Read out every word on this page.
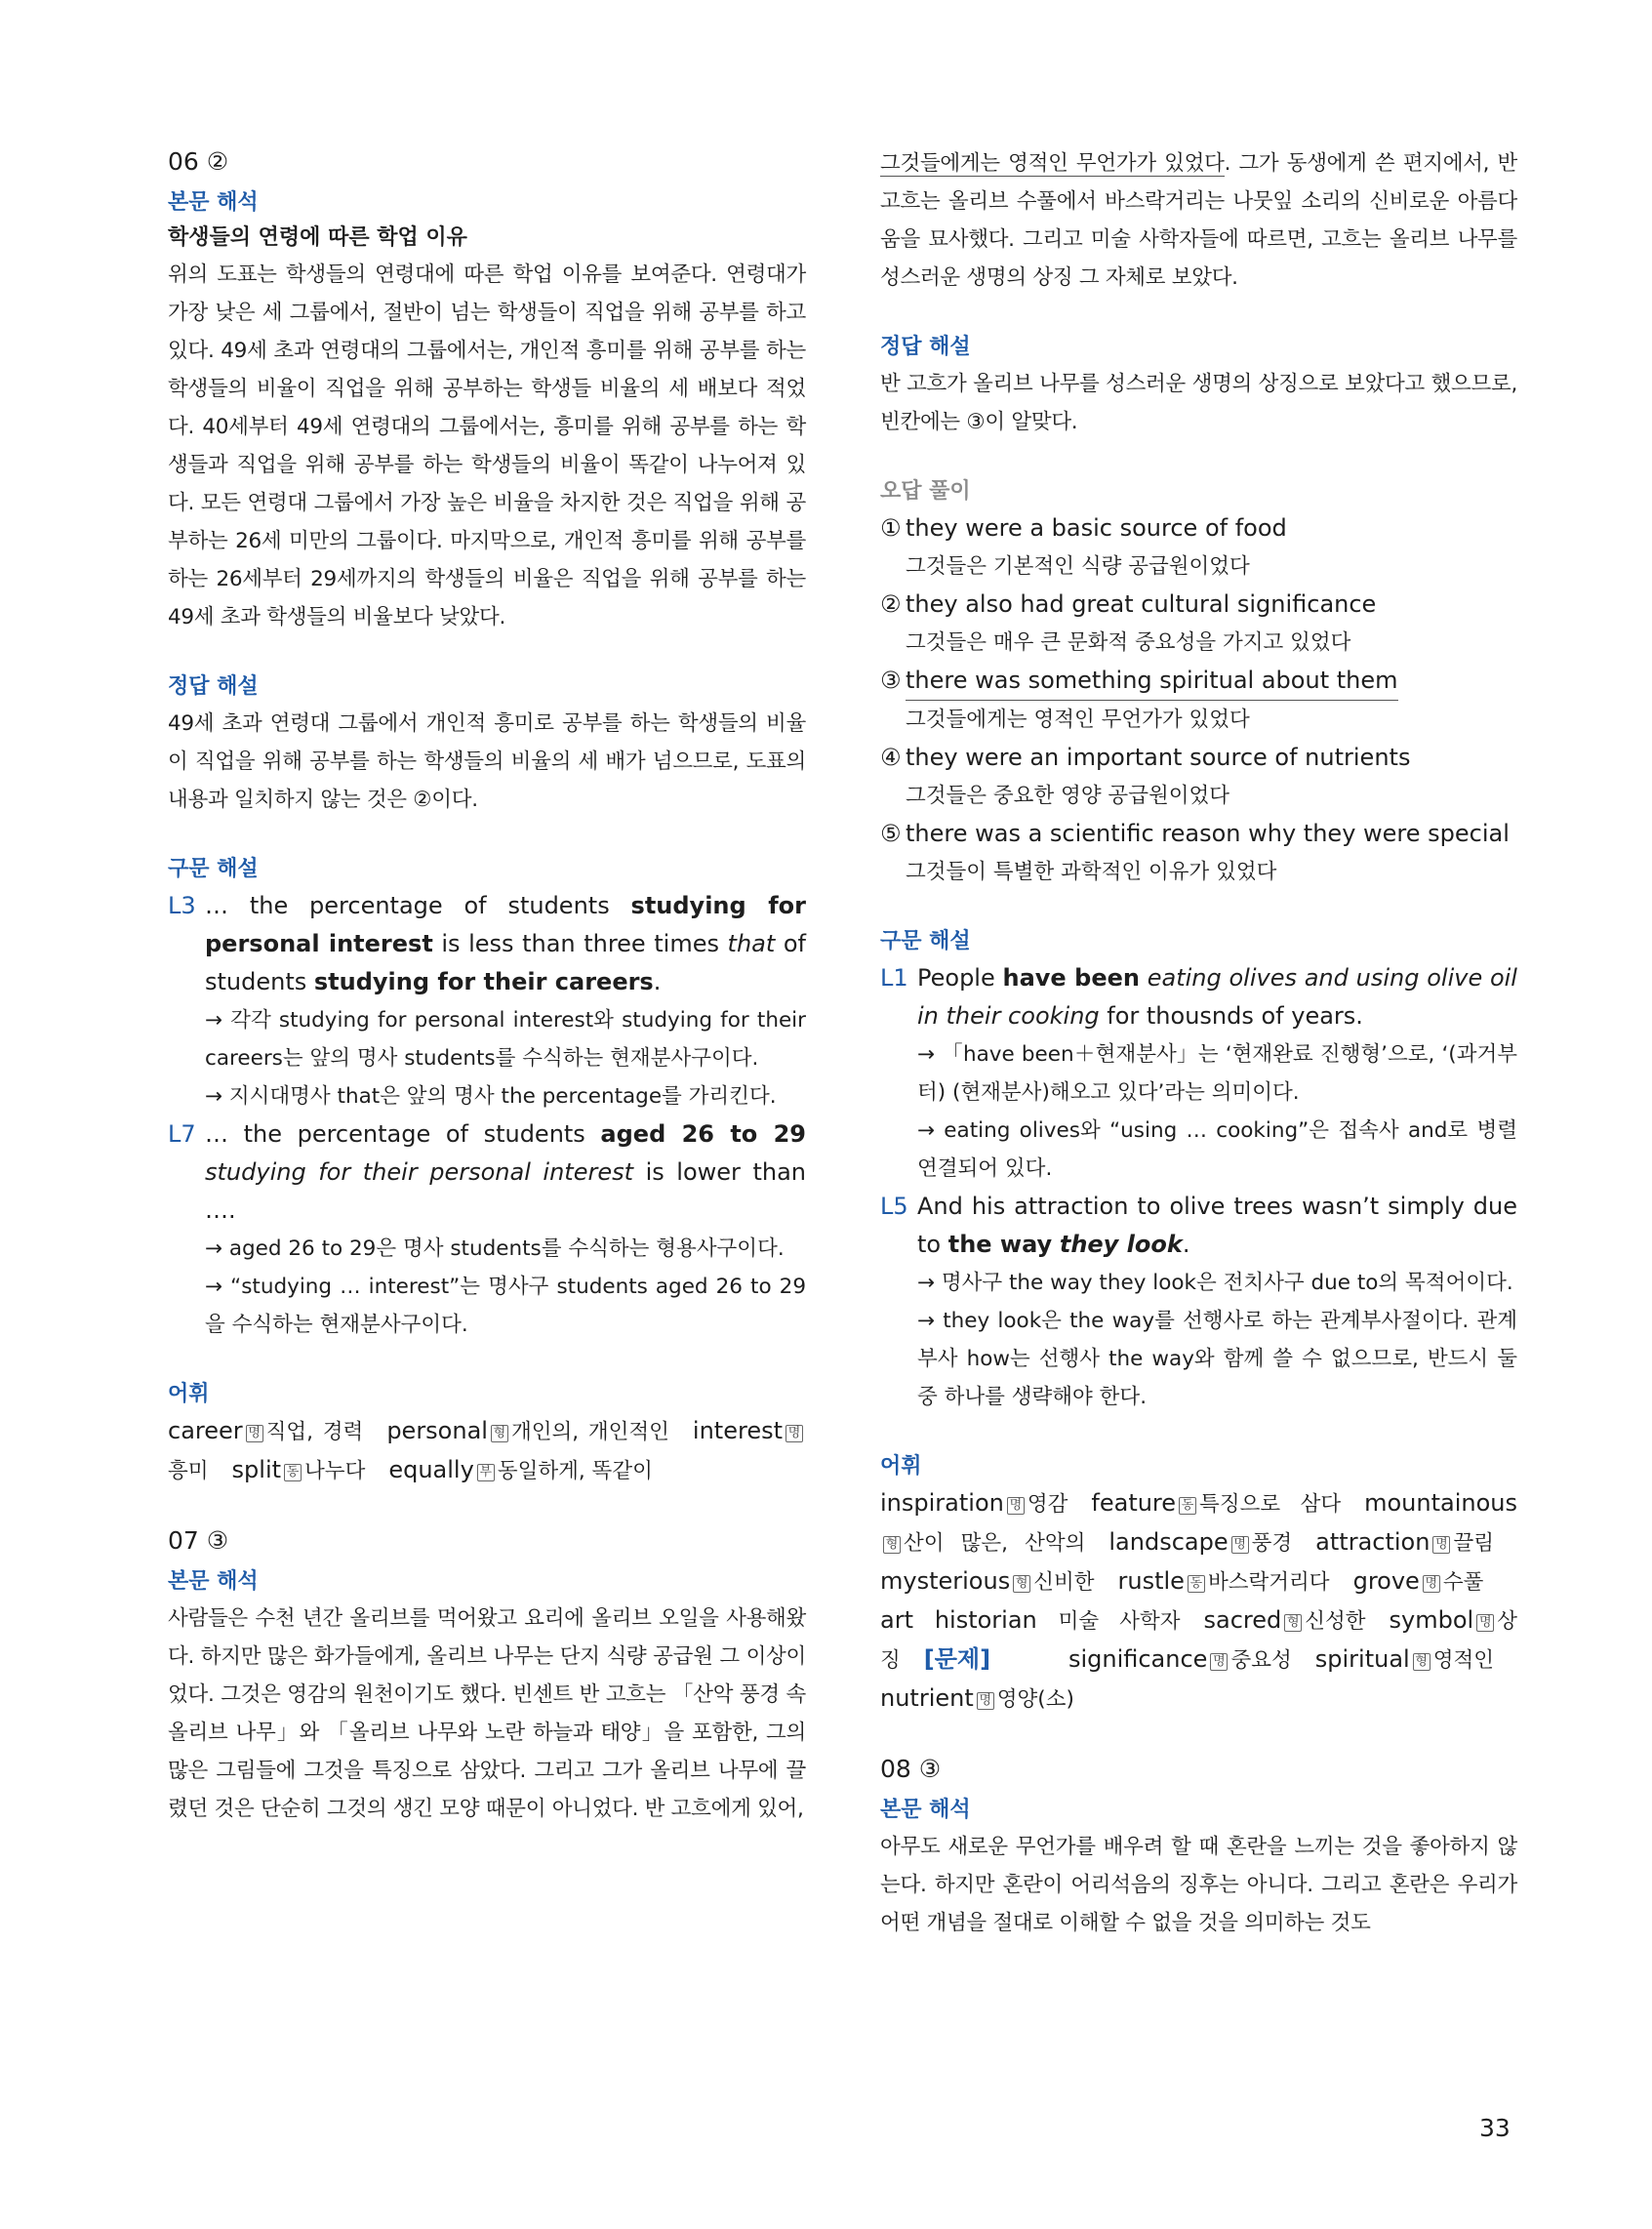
06 ②
본문 해석
학생들의 연령에 따른 학업 이유

위의 도표는 학생들의 연령대에 따른 학업 이유를 보여준다. 연령대가 가장 낮은 세 그룹에서, 절반이 넘는 학생들이 직업을 위해 공부를 하고 있다. 49세 초과 연령대의 그룹에서는, 개인적 흥미를 위해 공부를 하는 학생들의 비율이 직업을 위해 공부하는 학생들 비율의 세 배보다 적었다. 40세부터 49세 연령대의 그룹에서는, 흥미를 위해 공부를 하는 학생들과 직업을 위해 공부를 하는 학생들의 비율이 똑같이 나누어져 있다. 모든 연령대 그룹에서 가장 높은 비율을 차지한 것은 직업을 위해 공부하는 26세 미만의 그룹이다. 마지막으로, 개인적 흥미를 위해 공부를 하는 26세부터 29세까지의 학생들의 비율은 직업을 위해 공부를 하는 49세 초과 학생들의 비율보다 낮았다.

정답 해설

49세 초과 연령대 그룹에서 개인적 흥미로 공부를 하는 학생들의 비율이 직업을 위해 공부를 하는 학생들의 비율의 세 배가 넘으므로, 도표의 내용과 일치하지 않는 것은 ②이다.

구문 해설
L3 … the percentage of students studying for personal interest is less than three times that of students studying for their careers.

→ 각각 studying for personal interest와 studying for their careers는 앞의 명사 students를 수식하는 현재분사구이다.

→ 지시대명사 that은 앞의 명사 the percentage를 가리킨다.

L7 … the percentage of students aged 26 to 29 studying for their personal interest is lower than ….

→ aged 26 to 29은 명사 students를 수식하는 형용사구이다.

→ “studying … interest”는 명사구 students aged 26 to 29을 수식하는 현재분사구이다.

어휘

career 명 직업, 경력  personal 형 개인의, 개인적인  interest 명흥미  split 동 나누다  equally 부 동일하게, 똑같이

07 ③
본문 해석

사람들은 수천 년간 올리브를 먹어왔고 요리에 올리브 오일을 사용해왔다. 하지만 많은 화가들에게, 올리브 나무는 단지 식량 공급원 그 이상이었다. 그것은 영감의 원천이기도 했다. 빈센트 반 고흐는 「산악 풍경 속 올리브 나무」와 「올리브 나무와 노란 하늘과 태양」을 포함한, 그의 많은 그림들에 그것을 특징으로 삼았다. 그리고 그가 올리브 나무에 끌렸던 것은 단순히 그것의 생긴 모양 때문이 아니었다. 반 고흐에게 있어,

그것들에게는 영적인 무언가가 있었다. 그가 동생에게 쓴 편지에서, 반 고흐는 올리브 수풀에서 바스락거리는 나뭇잎 소리의 신비로운 아름다움을 묘사했다. 그리고 미술 사학자들에 따르면, 고흐는 올리브 나무를 성스러운 생명의 상징 그 자체로 보았다.

정답 해설

반 고흐가 올리브 나무를 성스러운 생명의 상징으로 보았다고 했으므로, 빈칸에는 ③이 알맞다.

오답 풀이
① they were a basic source of food
그것들은 기본적인 식량 공급원이었다
② they also had great cultural significance
그것들은 매우 큰 문화적 중요성을 가지고 있었다
③ there was something spiritual about them
그것들에게는 영적인 무언가가 있었다
④ they were an important source of nutrients
그것들은 중요한 영양 공급원이었다
⑤ there was a scientific reason why they were special
그것들이 특별한 과학적인 이유가 있었다
구문 해설
L1 People have been eating olives and using olive oil in their cooking for thousnds of years.

→ 「have been＋현재분사」는 ‘현재완료 진행형’으로, ‘(과거부터) (현재분사)해오고 있다’라는 의미이다.

→ eating olives와 “using … cooking”은 접속사 and로 병렬 연결되어 있다.

L5 And his attraction to olive trees wasn’t simply due to the way they look.

→ 명사구 the way they look은 전치사구 due to의 목적어이다.

→ they look은 the way를 선행사로 하는 관계부사절이다. 관계부사 how는 선행사 the way와 함께 쓸 수 없으므로, 반드시 둘 중 하나를 생략해야 한다.

어휘

inspiration 명 영감  feature 동 특징으로 삼다  mountainous형 산이 많은, 산악의  landscape 명 풍경  attraction 명 끌림 mysterious 형 신비한  rustle 동 바스락거리다  grove 명 수풀 art historian 미술 사학자  sacred 형 신성한  symbol 명 상징  [문제] significance 명 중요성  spiritual 형 영적인 nutrient 명 영양(소)

08 ③
본문 해석

아무도 새로운 무언가를 배우려 할 때 혼란을 느끼는 것을 좋아하지 않는다. 하지만 혼란이 어리석음의 징후는 아니다. 그리고 혼란은 우리가 어떤 개념을 절대로 이해할 수 없을 것을 의미하는 것도

33
